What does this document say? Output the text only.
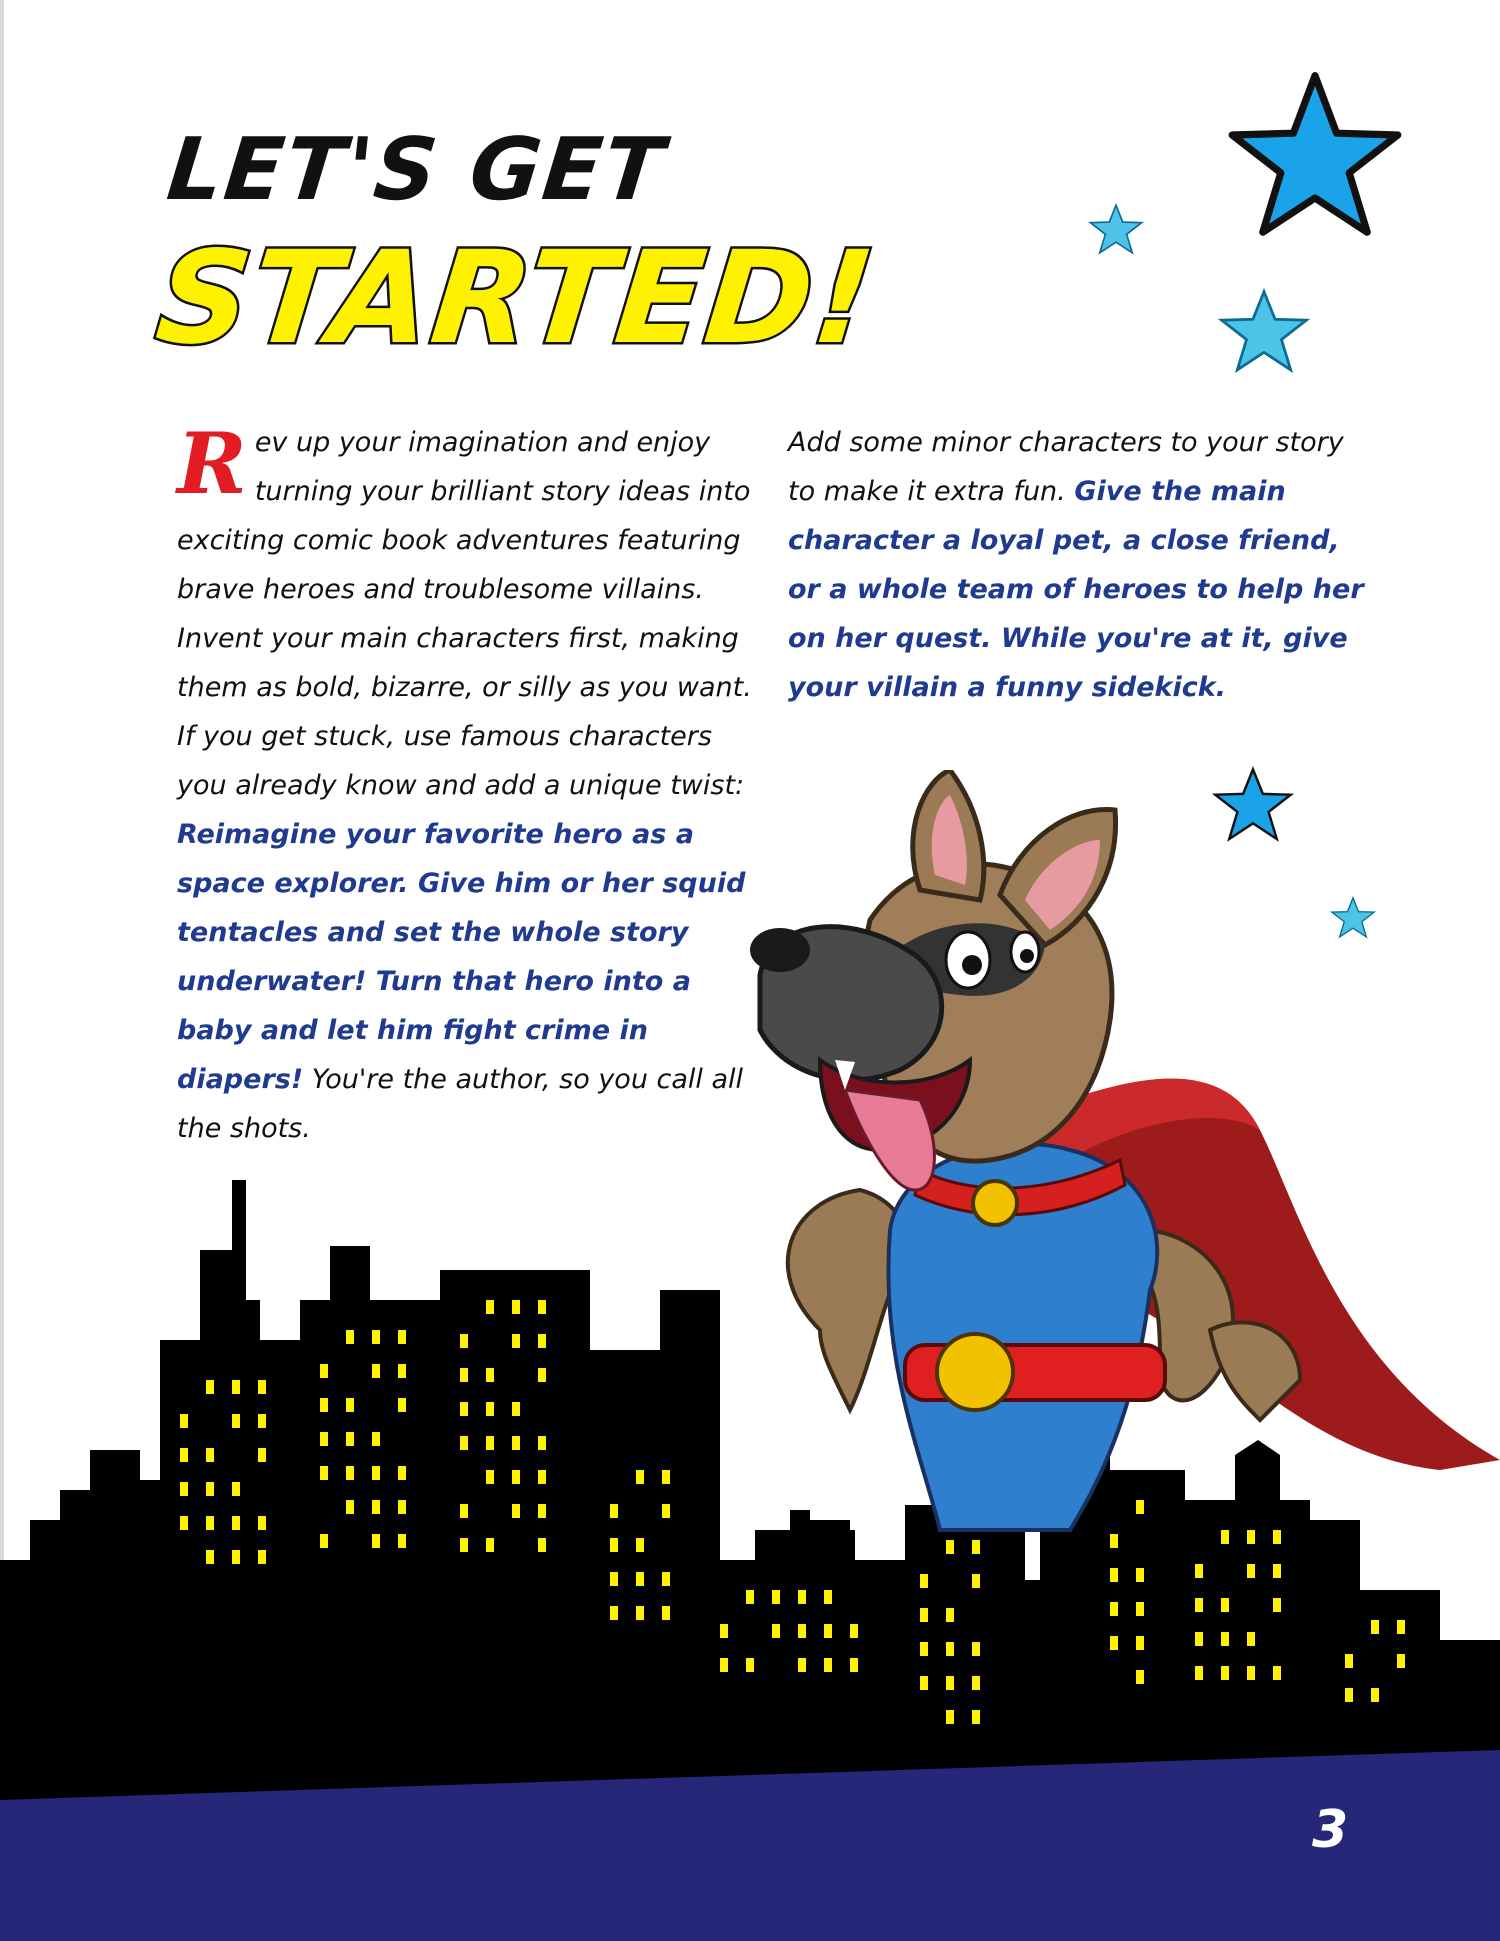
LET'S GET
STARTED!
Rev up your imagination and enjoy turning your brilliant story ideas into exciting comic book adventures featuring brave heroes and troublesome villains. Invent your main characters first, making them as bold, bizarre, or silly as you want. If you get stuck, use famous characters you already know and add a unique twist: Reimagine your favorite hero as a space explorer. Give him or her squid tentacles and set the whole story underwater! Turn that hero into a baby and let him fight crime in diapers! You're the author, so you call all the shots.
Add some minor characters to your story to make it extra fun. Give the main character a loyal pet, a close friend, or a whole team of heroes to help her on her quest. While you're at it, give your villain a funny sidekick.
3
